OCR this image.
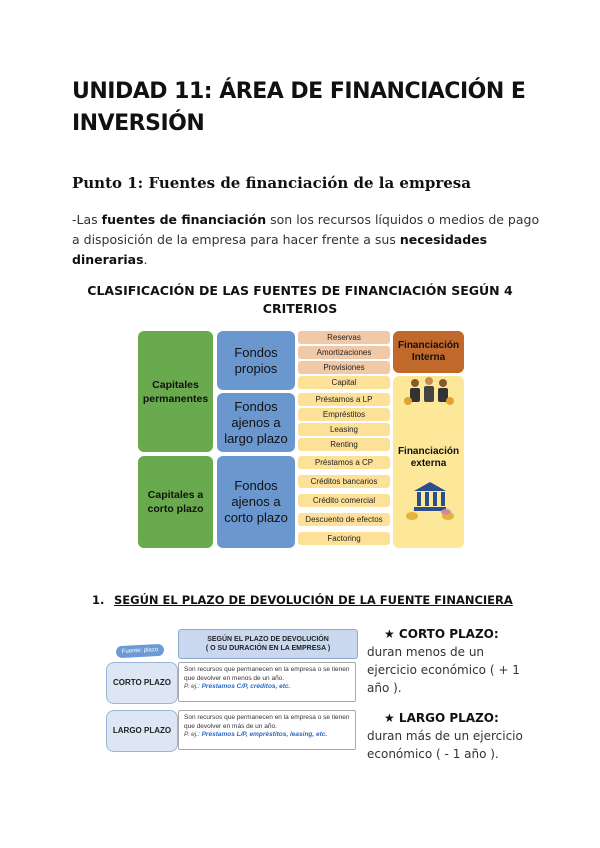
UNIDAD 11: ÁREA DE FINANCIACIÓN E INVERSIÓN
Punto 1: Fuentes de financiación de la empresa
-Las fuentes de financiación son los recursos líquidos o medios de pago a disposición de la empresa para hacer frente a sus necesidades dinerarias.
CLASIFICACIÓN DE LAS FUENTES DE FINANCIACIÓN SEGÚN 4 CRITERIOS
Capitales permanentes
Capitales a corto plazo
Fondos propios
Fondos ajenos a largo plazo
Fondos ajenos a corto plazo
Reservas
Amortizaciones
Provisiones
Capital
Préstamos a LP
Empréstitos
Leasing
Renting
Préstamos a CP
Créditos bancarios
Crédito comercial
Descuento de efectos
Factoring
Financiación Interna
Financiación externa
1. SEGÚN EL PLAZO DE DEVOLUCIÓN DE LA FUENTE FINANCIERA
Fuente: plazo
SEGÚN EL PLAZO DE DEVOLUCIÓN
( O SU DURACIÓN EN LA EMPRESA )
CORTO PLAZO
Son recursos que permanecen en la empresa o se tienen que devolver en menos de un año.
P. ej.: Préstamos C/P, créditos, etc.
LARGO PLAZO
Son recursos que permanecen en la empresa o se tienen que devolver en más de un año.
P. ej.: Préstamos L/P, empréstitos, leasing, etc.
★ CORTO PLAZO:
duran menos de un ejercicio económico ( + 1 año ).
★ LARGO PLAZO:
duran más de un ejercicio económico ( - 1 año ).
